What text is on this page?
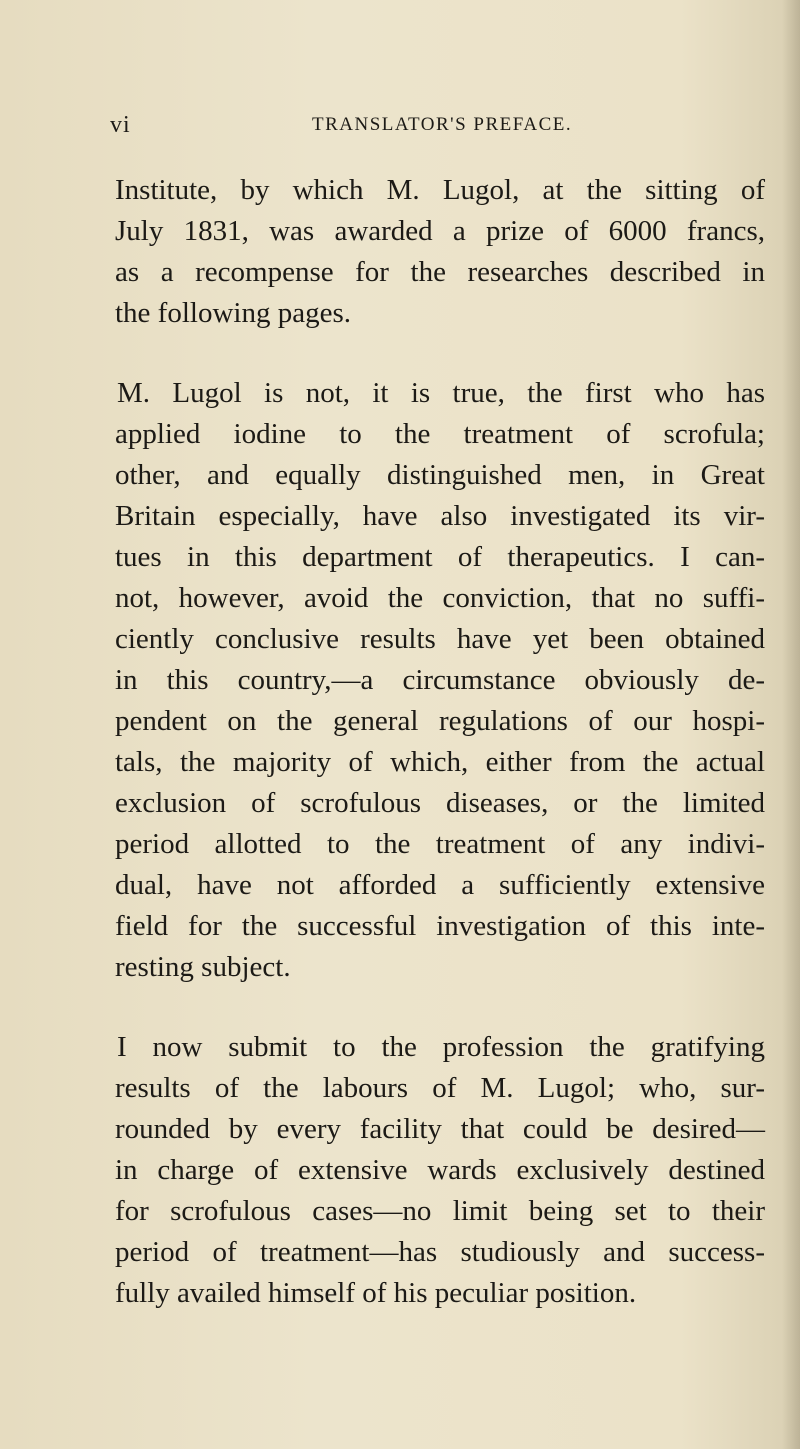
vi	TRANSLATOR'S PREFACE.

Institute, by which M. Lugol, at the sitting of
July 1831, was awarded a prize of 6000 francs,
as a recompense for the researches described in
the following pages.

M. Lugol is not, it is true, the first who has
applied iodine to the treatment of scrofula;
other, and equally distinguished men, in Great
Britain especially, have also investigated its vir-
tues in this department of therapeutics. I can-
not, however, avoid the conviction, that no suffi-
ciently conclusive results have yet been obtained
in this country,—a circumstance obviously de-
pendent on the general regulations of our hospi-
tals, the majority of which, either from the actual
exclusion of scrofulous diseases, or the limited
period allotted to the treatment of any indivi-
dual, have not afforded a sufficiently extensive
field for the successful investigation of this inte-
resting subject.

I now submit to the profession the gratifying
results of the labours of M. Lugol; who, sur-
rounded by every facility that could be desired—
in charge of extensive wards exclusively destined
for scrofulous cases—no limit being set to their
period of treatment—has studiously and success-
fully availed himself of his peculiar position.
